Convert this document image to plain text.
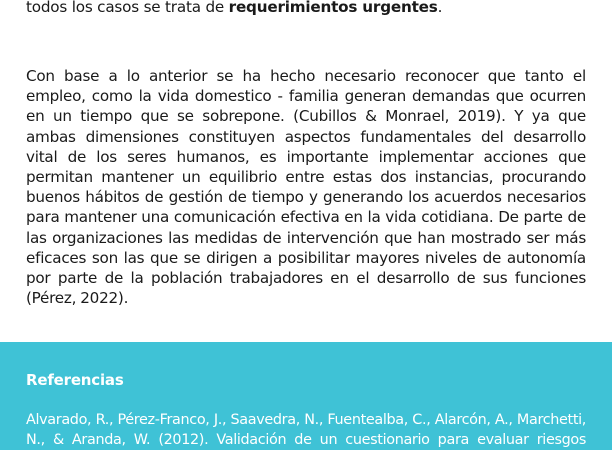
todos los casos se trata de requerimientos urgentes.

Con base a lo anterior se ha hecho necesario reconocer que tanto el empleo, como la vida domestico - familia generan demandas que ocurren en un tiempo que se sobrepone. (Cubillos & Monrael, 2019). Y ya que ambas dimensiones constituyen aspectos fundamentales del desarrollo vital de los seres humanos, es importante implementar acciones que permitan mantener un equilibrio entre estas dos instancias, procurando buenos hábitos de gestión de tiempo y generando los acuerdos necesarios para mantener una comunicación efectiva en la vida cotidiana. De parte de las organizaciones las medidas de intervención que han mostrado ser más eficaces son las que se dirigen a posibilitar mayores niveles de autonomía por parte de la población trabajadores en el desarrollo de sus funciones (Pérez, 2022).

Referencias

Alvarado, R., Pérez-Franco, J., Saavedra, N., Fuentealba, C., Alarcón, A., Marchetti, N., & Aranda, W. (2012). Validación de un cuestionario para evaluar riesgos psicosociales
